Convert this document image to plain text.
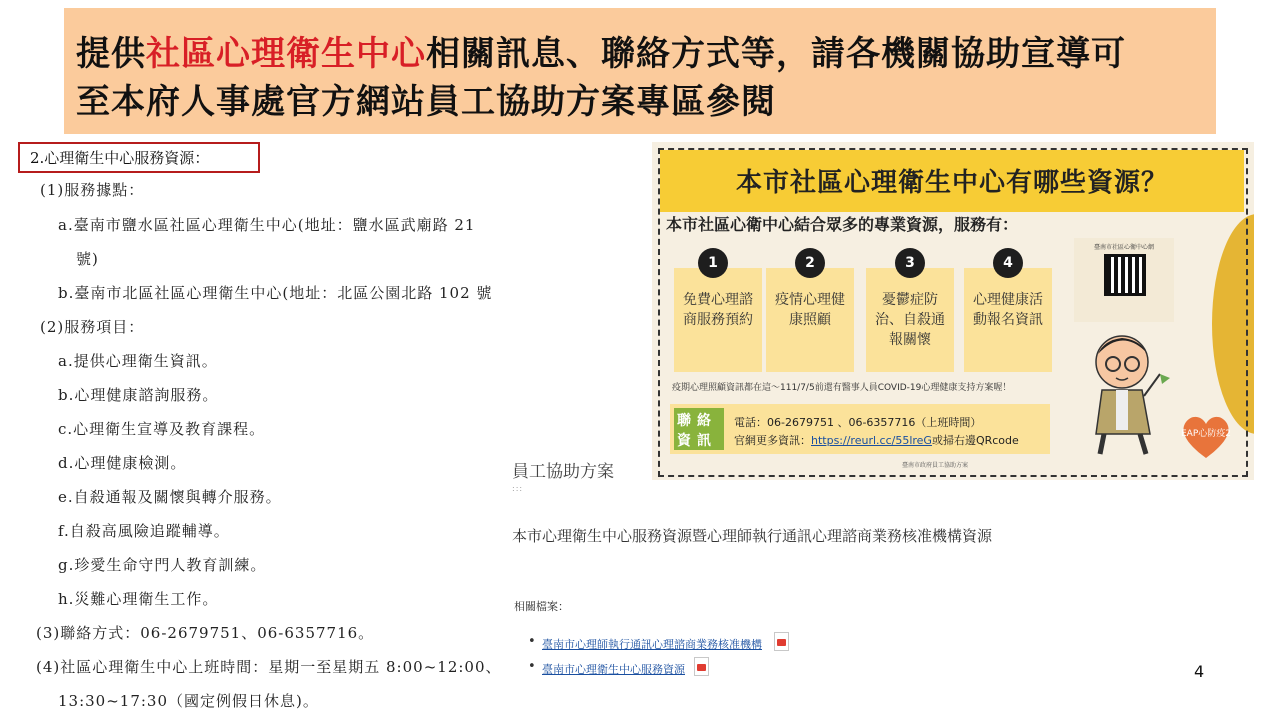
提供社區心理衛生中心相關訊息、聯絡方式等，請各機關協助宣導可
至本府人事處官方網站員工協助方案專區參閱
2.心理衛生中心服務資源：
(1)服務據點：
a.臺南市鹽水區社區心理衛生中心(地址：鹽水區武廟路 21
號)
b.臺南市北區社區心理衛生中心(地址：北區公園北路 102 號
(2)服務項目：
a.提供心理衛生資訊。
b.心理健康諮詢服務。
c.心理衛生宣導及教育課程。
d.心理健康檢測。
e.自殺通報及關懷與轉介服務。
f.自殺高風險追蹤輔導。
g.珍愛生命守門人教育訓練。
h.災難心理衛生工作。
(3)聯絡方式：06-2679751、06-6357716。
(4)社區心理衛生中心上班時間：星期一至星期五 8:00~12:00、
13:30~17:30（國定例假日休息)。
本市社區心理衛生中心有哪些資源？
本市社區心衛中心結合眾多的專業資源，服務有：
免費心理諮商服務預約
疫情心理健康照顧
憂鬱症防治、自殺通報關懷
心理健康活動報名資訊
1	2	3	4
疫期心理照顧資訊都在這～111/7/5前還有醫事人員COVID-19心理健康支持方案喔！
聯絡
資訊
電話：06-2679751 、06-6357716（上班時間）
官網更多資訊：https://reurl.cc/55lreG或掃右邊QRcode
臺南市社區心衛中心網
EAP心防疫2
臺南市政府員工協助方案
員工協助方案
:::
本市心理衛生中心服務資源暨心理師執行通訊心理諮商業務核准機構資源
相關檔案：
• 臺南市心理師執行通訊心理諮商業務核准機構
• 臺南市心理衛生中心服務資源	4
